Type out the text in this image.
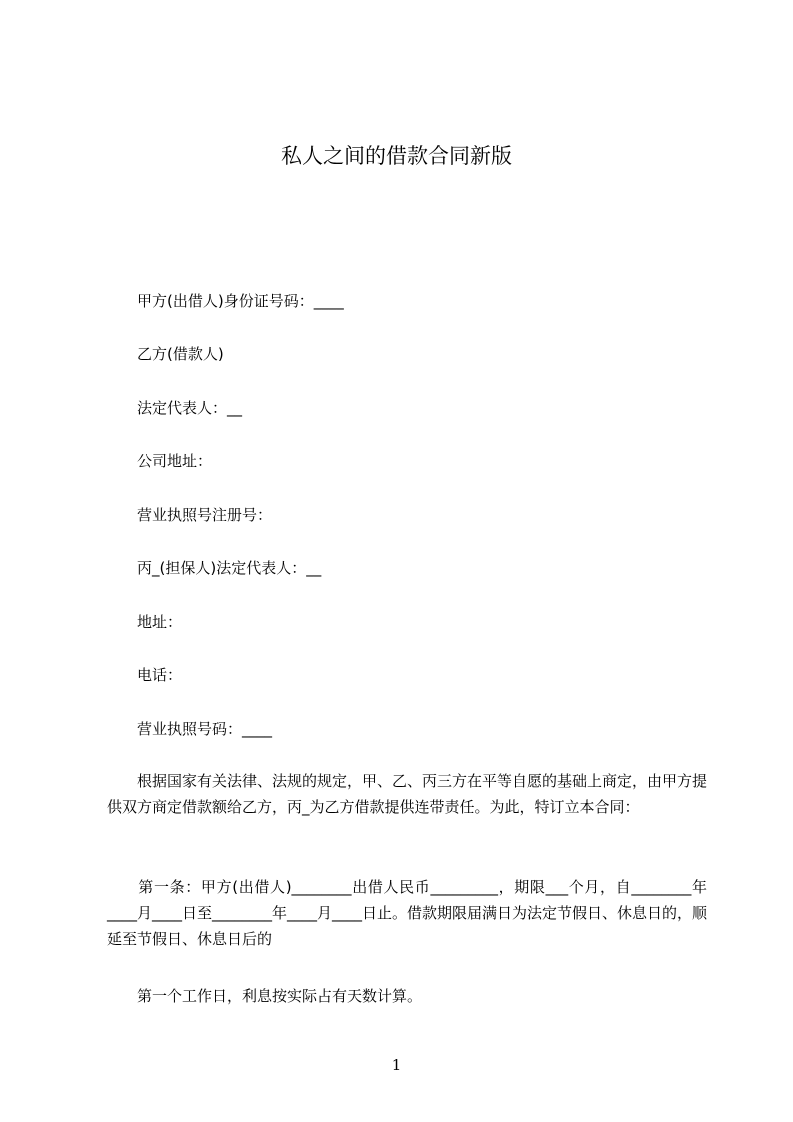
私人之间的借款合同新版

甲方(出借人)身份证号码：____

乙方(借款人)

法定代表人：__

公司地址：

营业执照号注册号：

丙_(担保人)法定代表人：__

地址：

电话：

营业执照号码：____

　　根据国家有关法律、法规的规定，甲、乙、丙三方在平等自愿的基础上商定，由甲方提供双方商定借款额给乙方，丙_为乙方借款提供连带责任。为此，特订立本合同：

　　第一条：甲方(出借人)________出借人民币_________，期限___个月，自________年____月____日至________年____月____日止。借款期限届满日为法定节假日、休息日的，顺延至节假日、休息日后的

第一个工作日，利息按实际占有天数计算。

1
